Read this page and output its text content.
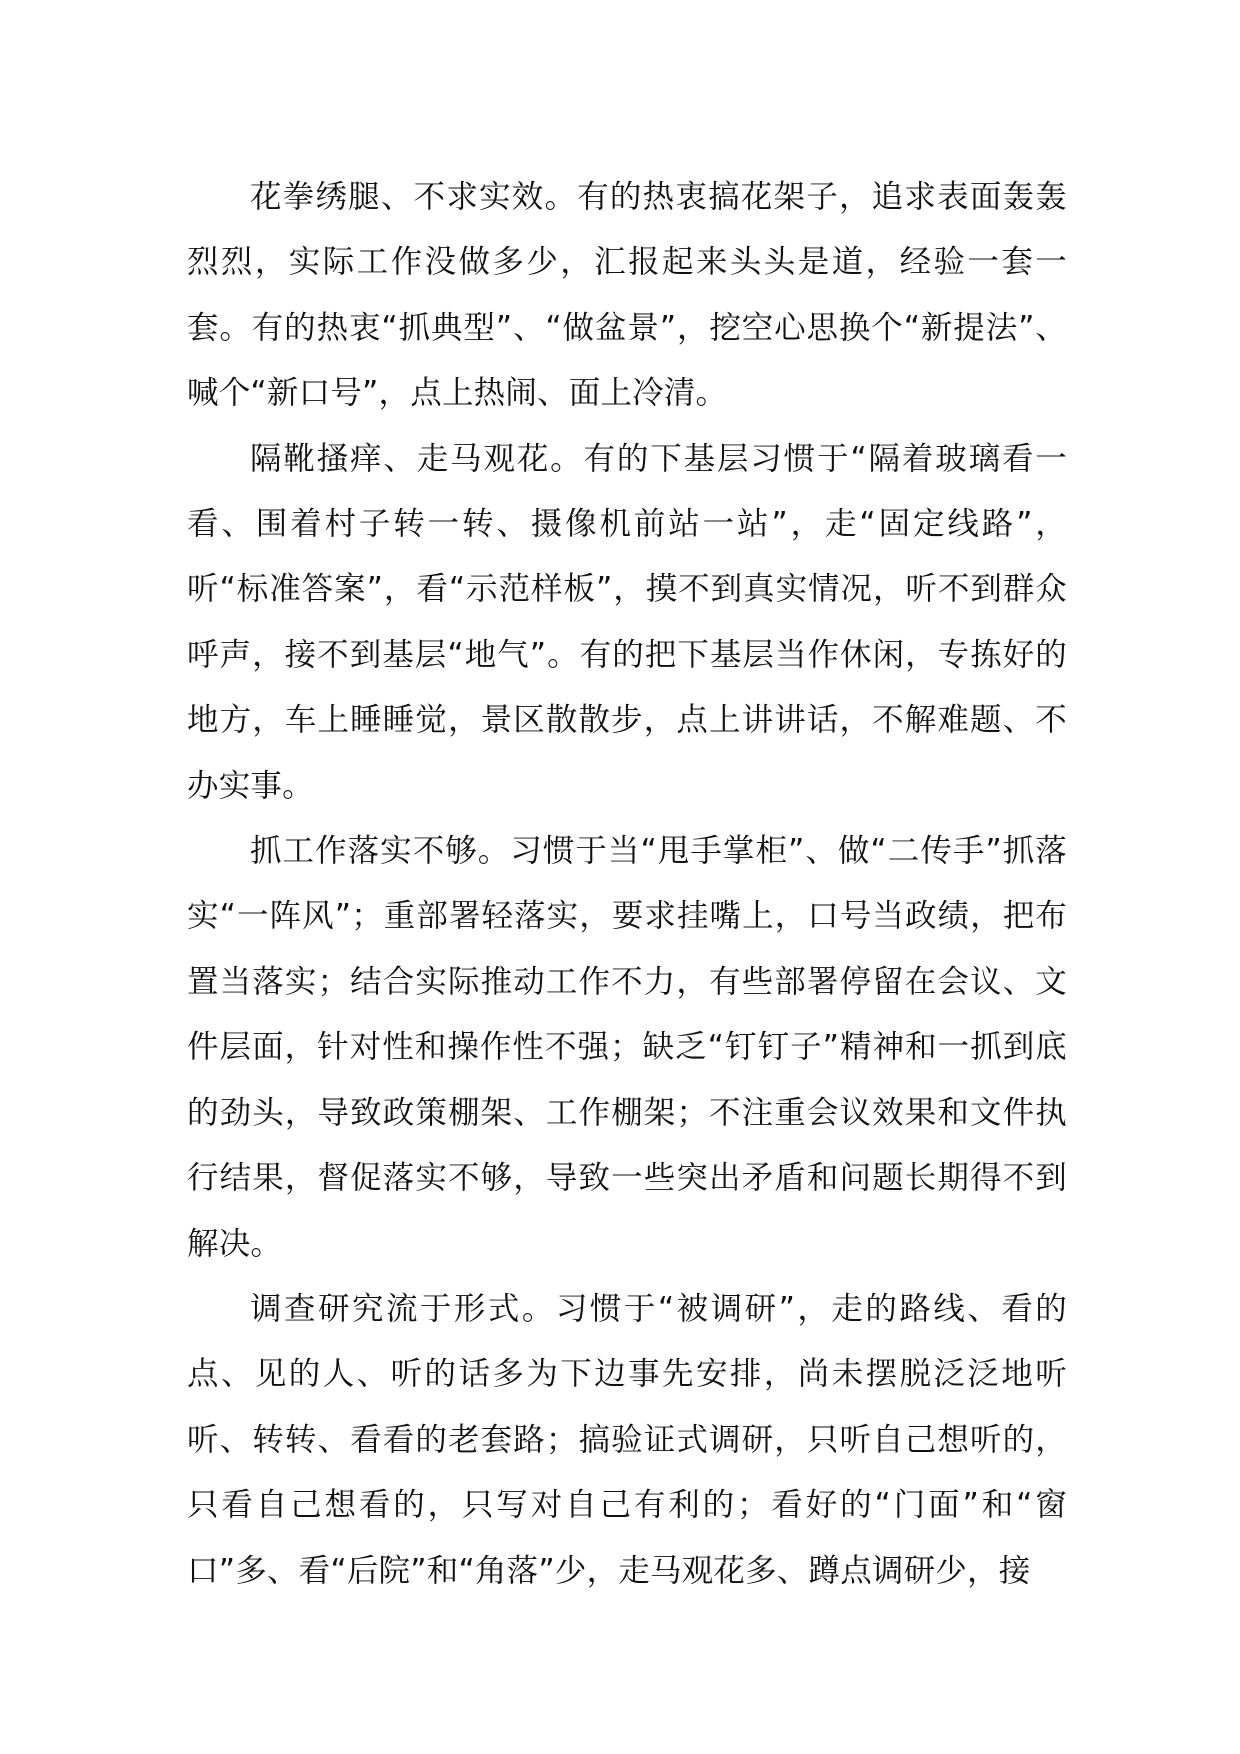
花拳绣腿、不求实效。有的热衷搞花架子，追求表面轰轰烈烈，实际工作没做多少，汇报起来头头是道，经验一套一套。有的热衷“抓典型”、“做盆景”，挖空心思换个“新提法”、喊个“新口号”，点上热闹、面上冷清。

隔靴搔痒、走马观花。有的下基层习惯于“隔着玻璃看一看、围着村子转一转、摄像机前站一站”，走“固定线路”，听“标准答案”，看“示范样板”，摸不到真实情况，听不到群众呼声，接不到基层“地气”。有的把下基层当作休闲，专拣好的地方，车上睡睡觉，景区散散步，点上讲讲话，不解难题、不办实事。

抓工作落实不够。习惯于当“甩手掌柜”、做“二传手”抓落实“一阵风”；重部署轻落实，要求挂嘴上，口号当政绩，把布置当落实；结合实际推动工作不力，有些部署停留在会议、文件层面，针对性和操作性不强；缺乏“钉钉子”精神和一抓到底的劲头，导致政策棚架、工作棚架；不注重会议效果和文件执行结果，督促落实不够，导致一些突出矛盾和问题长期得不到解决。

调查研究流于形式。习惯于“被调研”，走的路线、看的点、见的人、听的话多为下边事先安排，尚未摆脱泛泛地听听、转转、看看的老套路；搞验证式调研，只听自己想听的，只看自己想看的，只写对自己有利的；看好的“门面”和“窗口”多、看“后院”和“角落”少，走马观花多、蹲点调研少，接
